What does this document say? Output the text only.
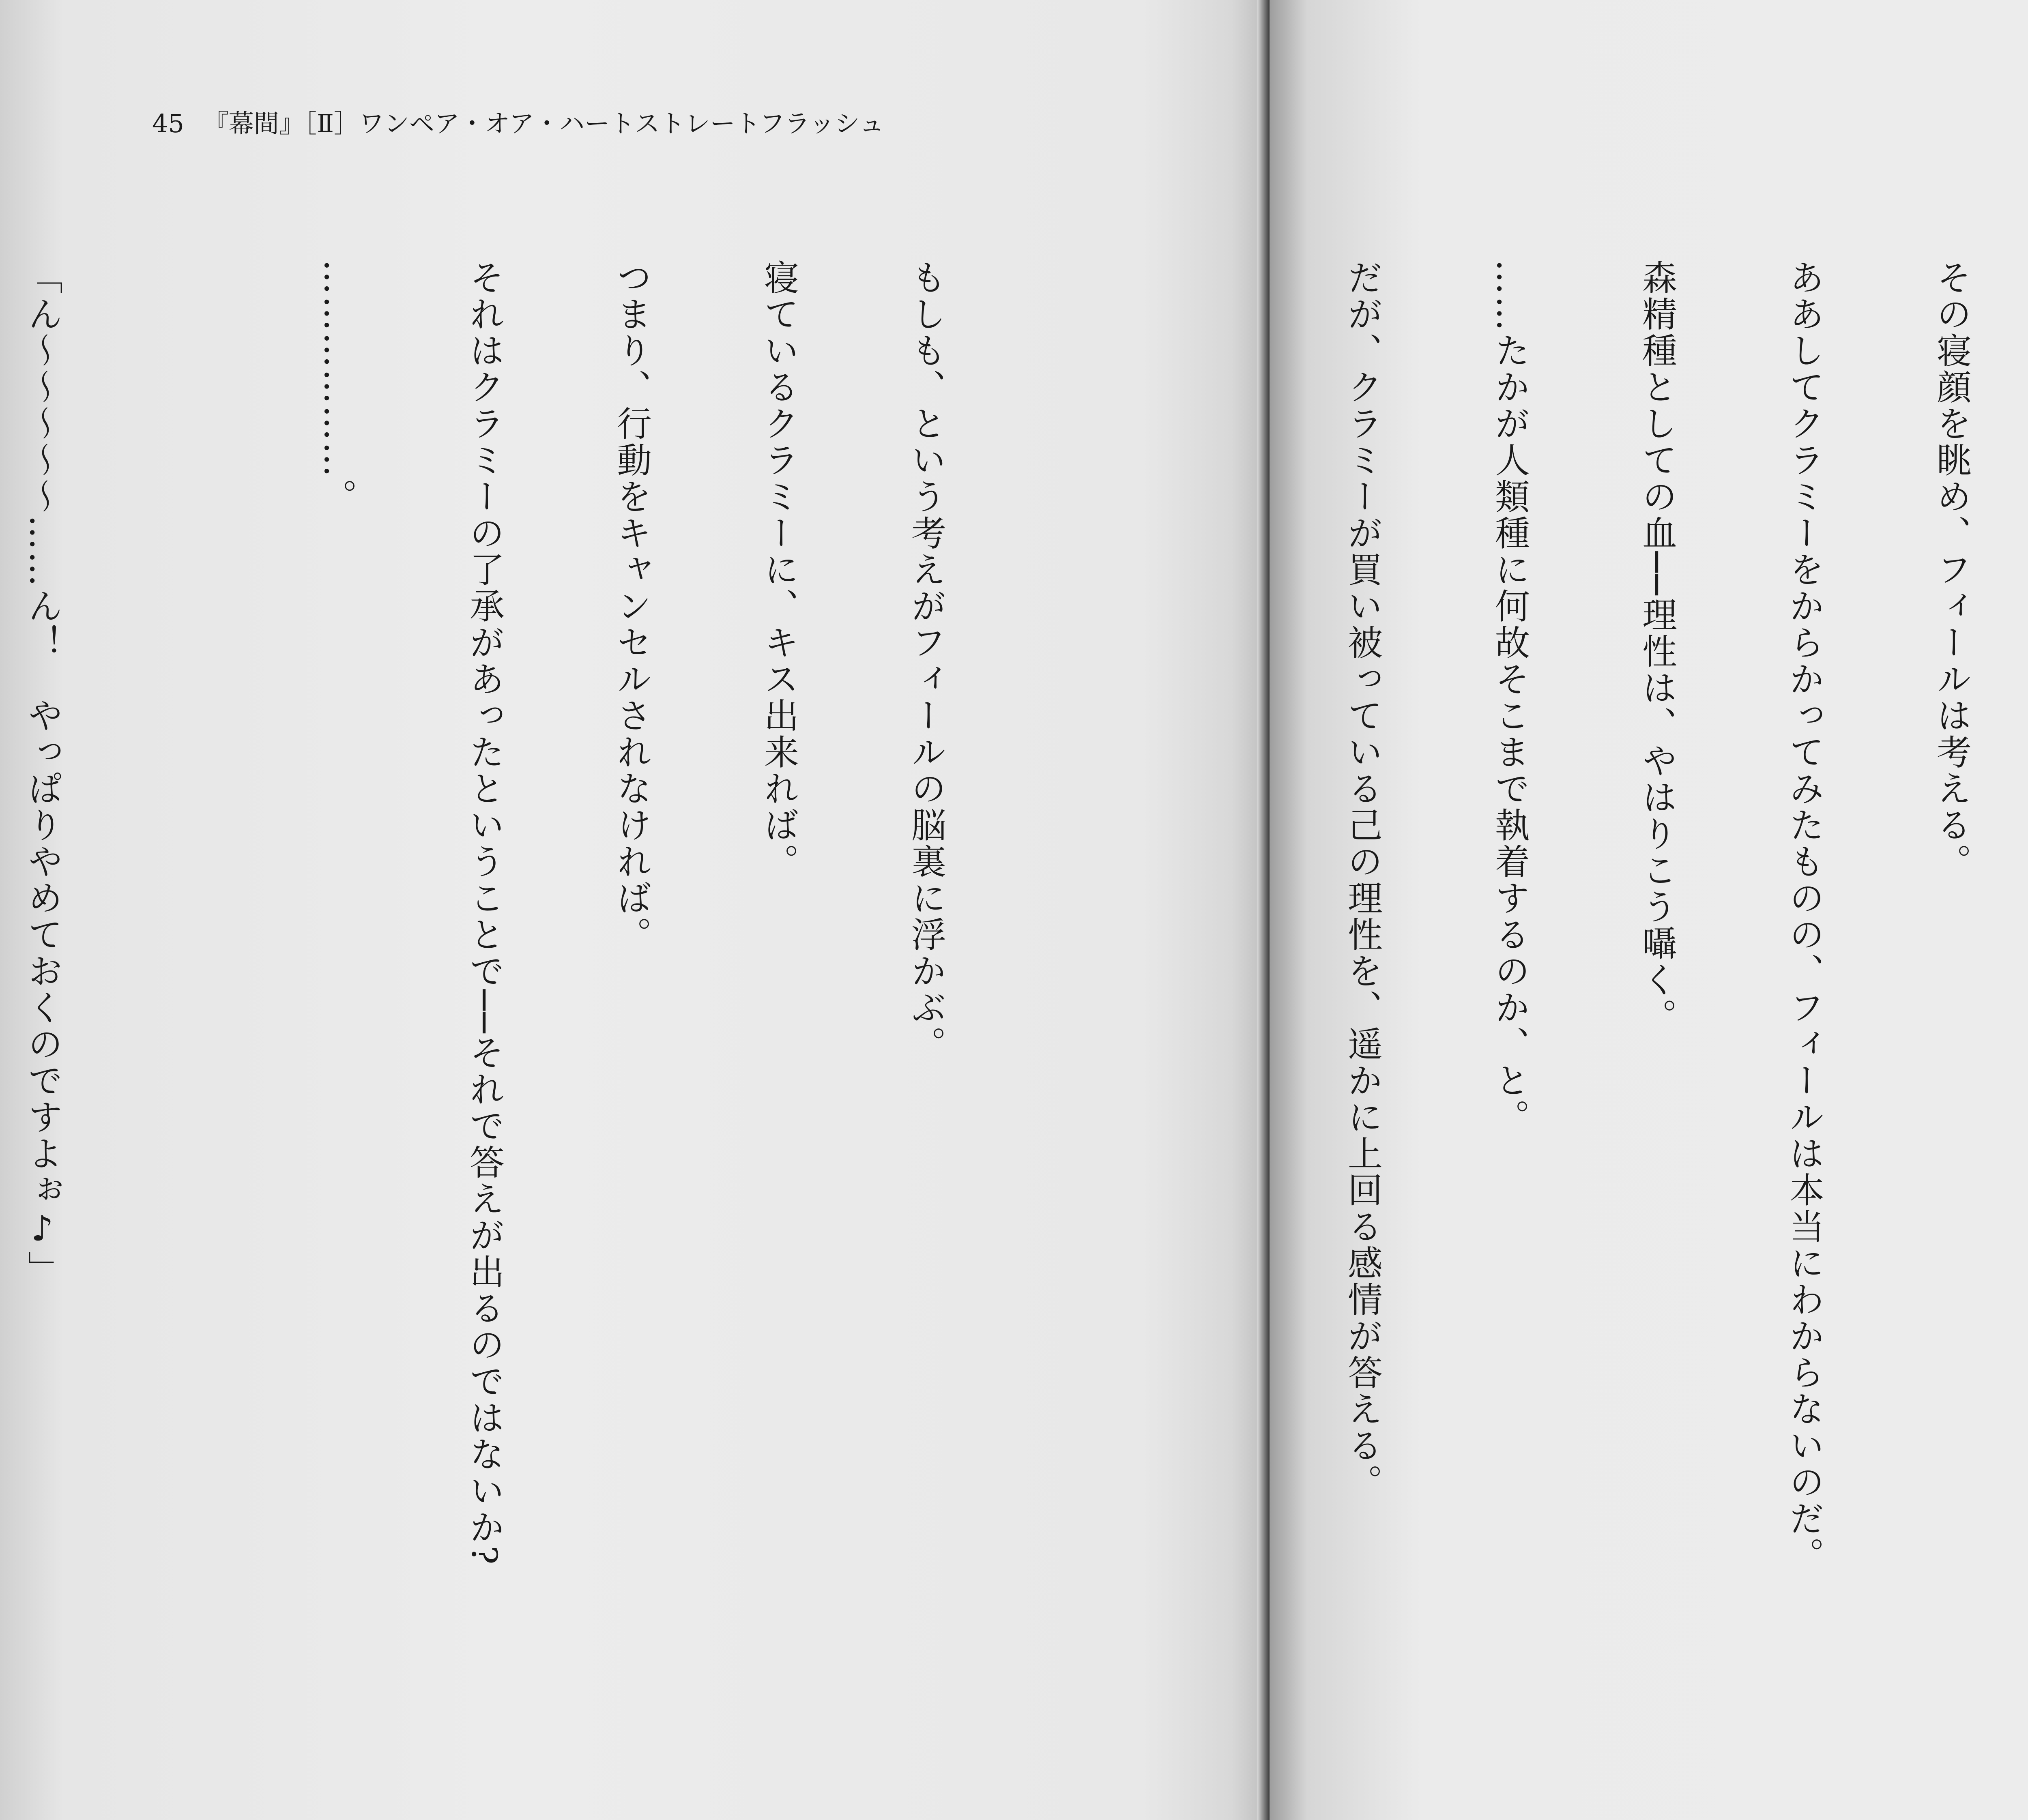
45 『幕間』［Ⅱ］ワンペア・オア・ハートストレートフラッシュ

もしも、という考えがフィールの脳裏に浮かぶ。

寝ているクラミーに、キス出来れば。

つまり、行動をキャンセルされなければ。

それはクラミーの了承があったということで──それで答えが出るのではないか?

………………。

「ん～～～～～……ん！　やっぱりやめておくのですよぉ♪」

	その寝顔を眺め、フィールは考える。

ああしてクラミーをからかってみたものの、フィールは本当にわからないのだ。

森精種としての血──理性は、やはりこう囁く。

……たかが人類種に何故そこまで執着するのか、と。

だが、クラミーが買い被っている己の理性を、遥かに上回る感情が答える。
